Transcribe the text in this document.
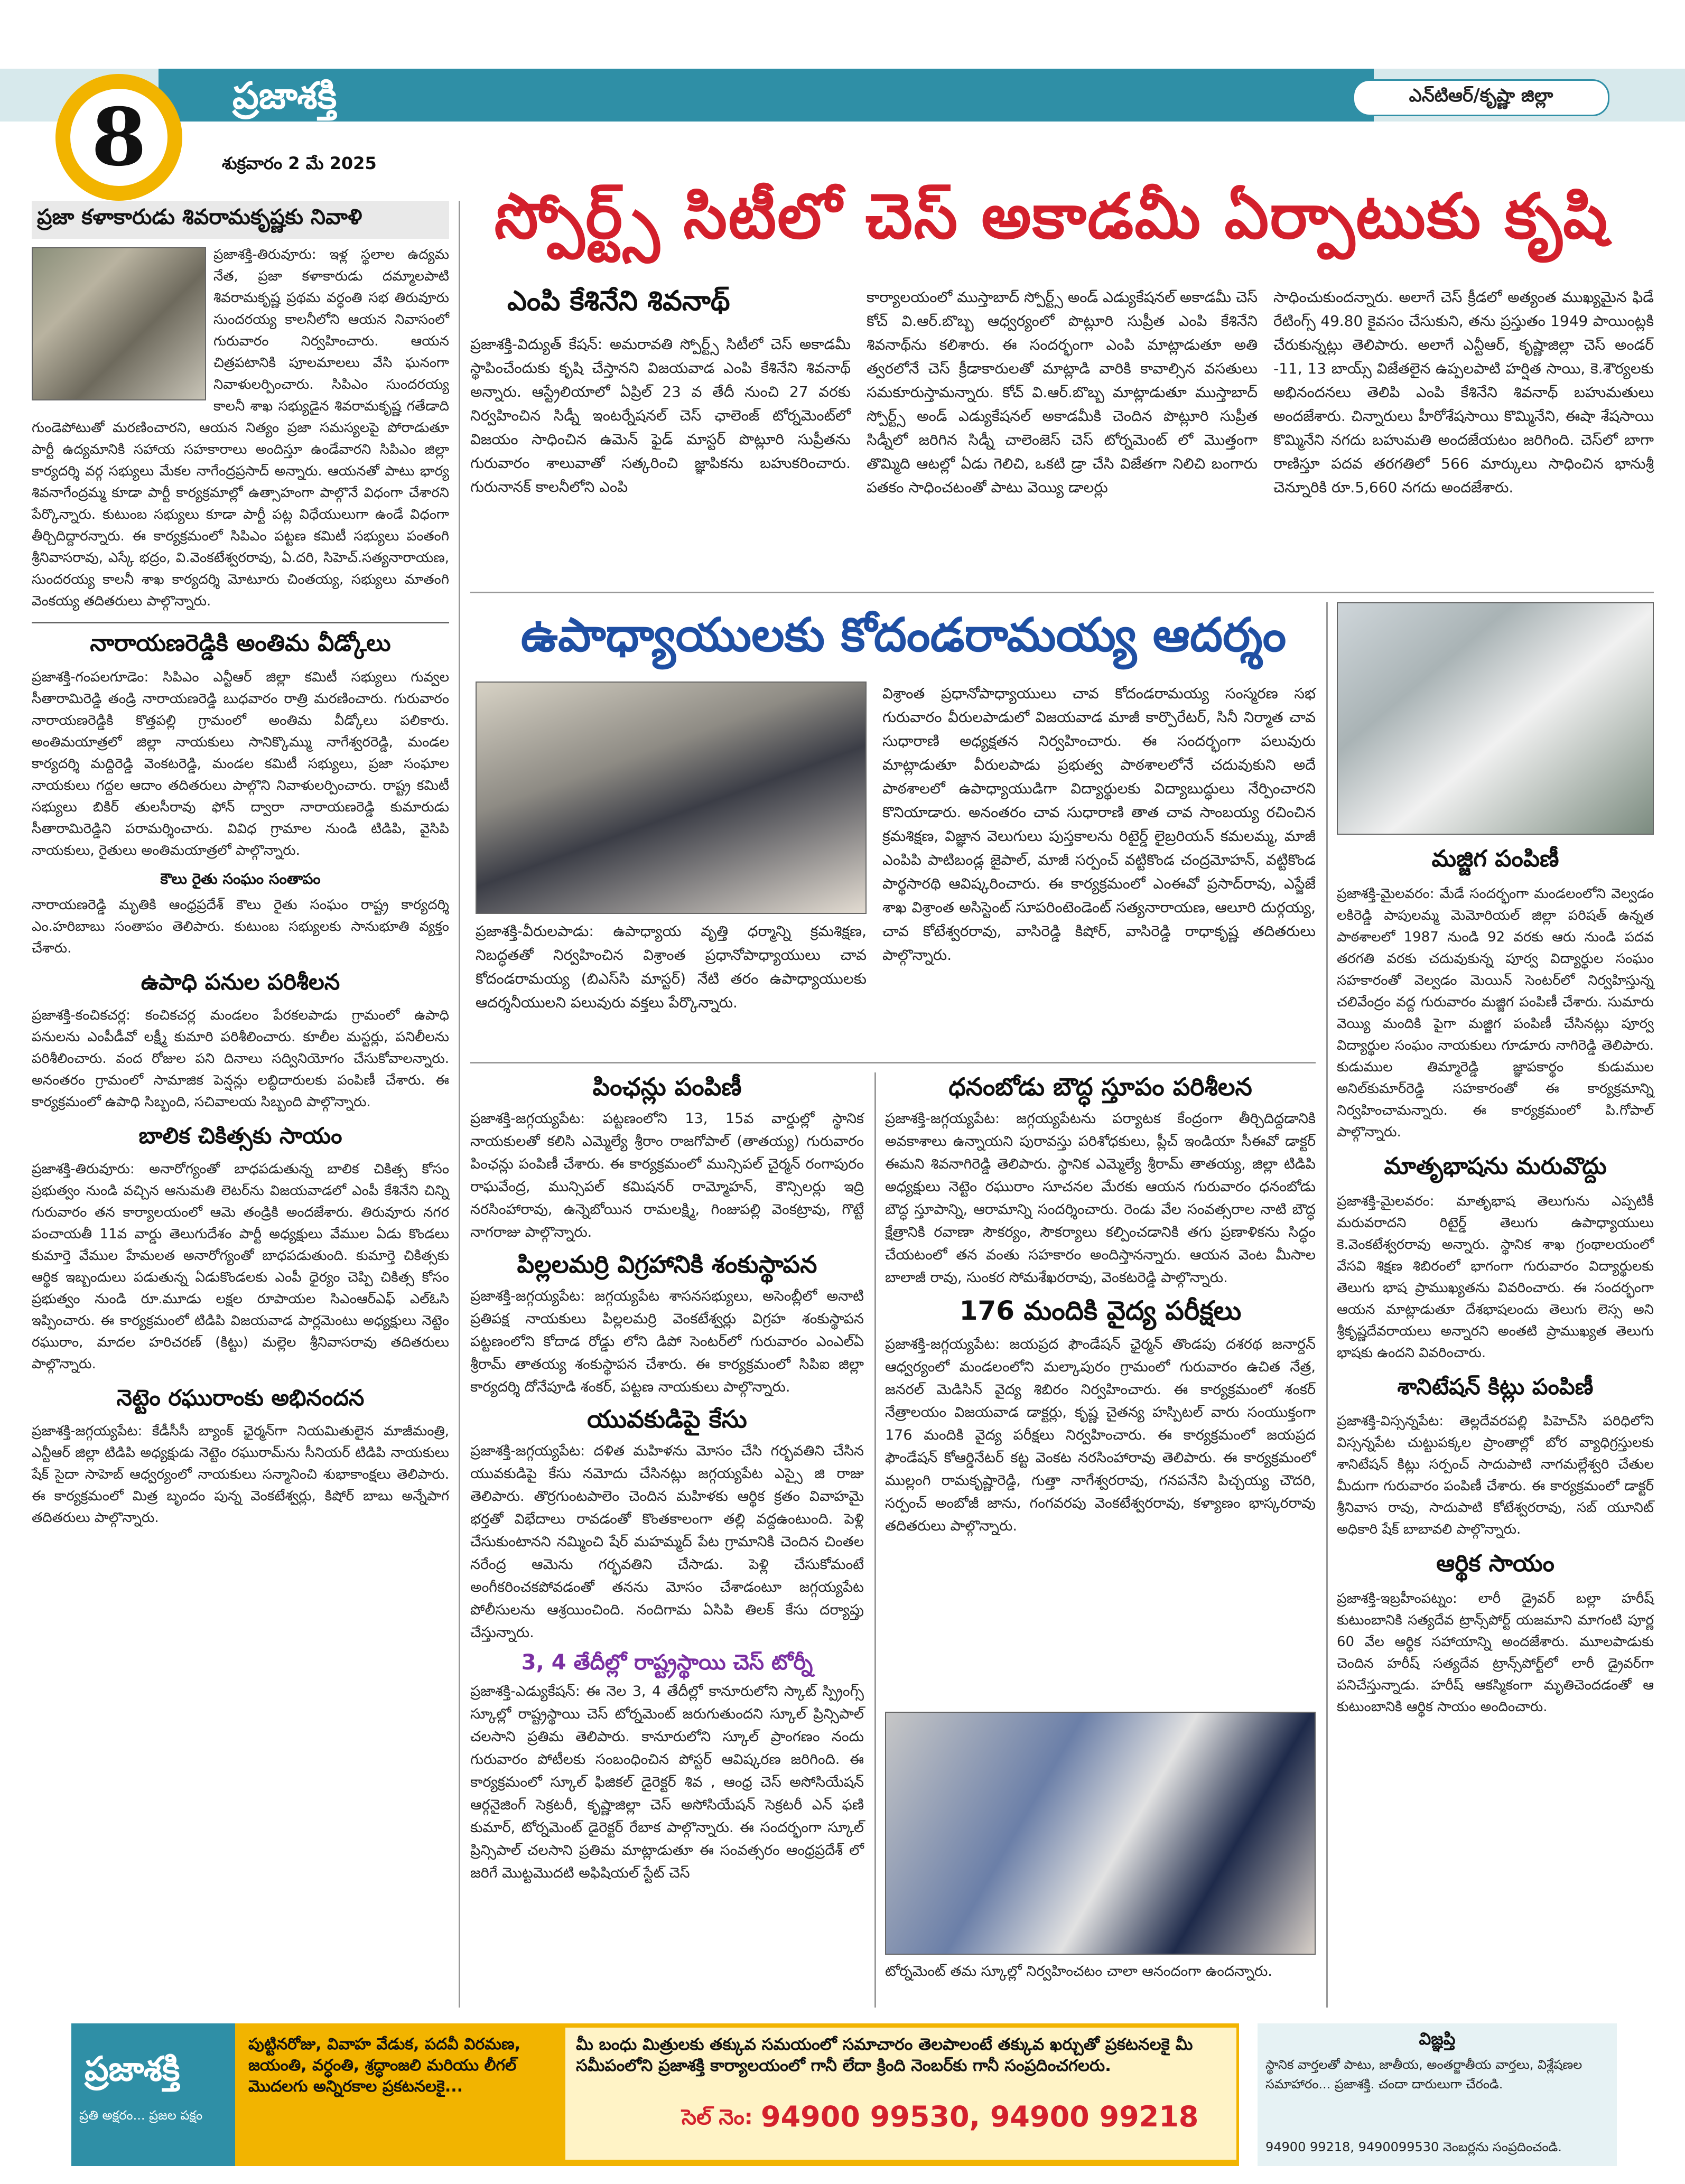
8	ప్రజాశక్తి
శుక్రవారం 2 మే 2025
ఎన్‌టిఆర్/కృష్ణా జిల్లా
స్పోర్ట్స్ సిటీలో చెస్ అకాడమీ ఏర్పాటుకు కృషి
ప్రజా కళాకారుడు శివరామకృష్ణకు నివాళి
ప్రజాశక్తి-తిరువూరు: ఇళ్ల స్థలాల ఉద్యమ నేత, ప్రజా కళాకారుడు దమ్మాలపాటి శివరామకృష్ణ ప్రథమ వర్ధంతి సభ తిరువూరు సుందరయ్య కాలనీలోని ఆయన నివాసంలో గురువారం నిర్వహించారు. ఆయన చిత్రపటానికి పూలమాలలు వేసి ఘనంగా నివాళులర్పించారు. సిపిఎం సుందరయ్య కాలనీ శాఖ సభ్యుడైన శివరామకృష్ణ గతేడాది గుండెపోటుతో మరణించారని, ఆయన నిత్యం ప్రజా సమస్యలపై పోరాడుతూ పార్టీ ఉద్యమానికి సహాయ సహకారాలు అందిస్తూ ఉండేవారని సిపిఎం జిల్లా కార్యదర్శి వర్గ సభ్యులు మేకల నాగేంద్రప్రసాద్‌ అన్నారు. ఆయనతో పాటు భార్య శివనాగేంద్రమ్మ కూడా పార్టీ కార్యక్రమాల్లో ఉత్సాహంగా పాల్గొనే విధంగా చేశారని పేర్కొన్నారు. కుటుంబ సభ్యులు కూడా పార్టీ పట్ల విధేయులుగా ఉండే విధంగా తీర్చిదిద్దారన్నారు. ఈ కార్యక్రమంలో సిపిఎం పట్టణ కమిటీ సభ్యులు పంతంగి శ్రీనివాసరావు, ఎస్కే భద్రం, వి.వెంకటేశ్వరరావు, ఏ.దరి, సిహెచ్‌.సత్యనారాయణ, సుందరయ్య కాలనీ శాఖ కార్యదర్శి మోటూరు చింతయ్య, సభ్యులు మాతంగి వెంకయ్య తదితరులు పాల్గొన్నారు.
నారాయణరెడ్డికి అంతిమ వీడ్కోలు
ప్రజాశక్తి-గంపలగూడెం: సిపిఎం ఎన్టీఆర్‌ జిల్లా కమిటీ సభ్యులు గువ్వల సీతారామిరెడ్డి తండ్రి నారాయణరెడ్డి బుధవారం రాత్రి మరణించారు. గురువారం నారాయణరెడ్డికి కొత్తపల్లి గ్రామంలో అంతిమ వీడ్కోలు పలికారు. అంతిమయాత్రలో జిల్లా నాయకులు సానిక్కొమ్ము నాగేశ్వరరెడ్డి, మండల కార్యదర్శి మద్దిరెడ్డి వెంకటరెడ్డి, మండల కమిటీ సభ్యులు, ప్రజా సంఘాల నాయకులు గద్దల ఆదాం తదితరులు పాల్గొని నివాళులర్పించారు. రాష్ట్ర కమిటీ సభ్యులు బికిర్‌ తులసీరావు ఫోన్‌ ద్వారా నారాయణరెడ్డి కుమారుడు సీతారామిరెడ్డిని పరామర్శించారు. వివిధ గ్రామాల నుండి టిడిపి, వైసిపి నాయకులు, రైతులు అంతిమయాత్రలో పాల్గొన్నారు.
కౌలు రైతు సంఘం సంతాపం
నారాయణరెడ్డి మృతికి ఆంధ్రప్రదేశ్‌ కౌలు రైతు సంఘం రాష్ట్ర కార్యదర్శి ఎం.హరిబాబు సంతాపం తెలిపారు. కుటుంబ సభ్యులకు సానుభూతి వ్యక్తం చేశారు.
ఉపాధి పనుల పరిశీలన
ప్రజాశక్తి-కంచికచర్ల: కంచికచర్ల మండలం పేరకలపాడు గ్రామంలో ఉపాధి పనులను ఎంపీడీవో లక్ష్మీ కుమారి పరిశీలించారు. కూలీల మస్టర్లు, పనిలీలను పరిశీలించారు. వంద రోజుల పని దినాలు సద్వినియోగం చేసుకోవాలన్నారు. అనంతరం గ్రామంలో సామాజిక పెన్షన్లు లబ్ధిదారులకు పంపిణీ చేశారు. ఈ కార్యక్రమంలో ఉపాధి సిబ్బంది, సచివాలయ సిబ్బంది పాల్గొన్నారు.
బాలిక చికిత్సకు సాయం
ప్రజాశక్తి-తిరువూరు: అనారోగ్యంతో బాధపడుతున్న బాలిక చికిత్స కోసం ప్రభుత్వం నుండి వచ్చిన ఆనుమతి లెటర్‌ను విజయవాడలో ఎంపీ కేశినేని చిన్ని గురువారం తన కార్యాలయంలో ఆమె తండ్రికి అందజేశారు. తిరువూరు నగర పంచాయతీ 11వ వార్డు తెలుగుదేశం పార్టీ అధ్యక్షులు వేముల ఏడు కొండలు కుమార్తె వేముల హేమలత అనారోగ్యంతో బాధపడుతుంది. కుమార్తె చికిత్సకు ఆర్థిక ఇబ్బందులు పడుతున్న ఏడుకొండలకు ఎంపీ ధైర్యం చెప్పి చికిత్స కోసం ప్రభుత్వం నుండి రూ.మూడు లక్షల రూపాయల సిఎంఆర్‌ఎఫ్‌ ఎల్‌ఓసి ఇప్పించారు. ఈ కార్యక్రమంలో టిడిపి విజయవాడ పార్లమెంటు అధ్యక్షులు నెట్టెం రఘురాం, మాదల హరిచరణ్‌ (కిట్టు) మల్లెల శ్రీనివాసరావు తదితరులు పాల్గొన్నారు.
నెట్టెం రఘురాంకు అభినందన
ప్రజాశక్తి-జగ్గయ్యపేట: కేడీసీసీ బ్యాంక్‌ ఛైర్మన్‌గా నియమితులైన మాజీమంత్రి, ఎన్టీఆర్‌ జిల్లా టిడిపి అధ్యక్షుడు నెట్టెం రఘురామ్‌ను సీనియర్‌ టిడిపి నాయకులు షేక్‌ సైదా సాహెబ్‌ ఆధ్వర్యంలో నాయకులు సన్మానించి శుభాకాంక్షలు తెలిపారు. ఈ కార్యక్రమంలో మిత్ర బృందం పున్న వెంకటేశ్వర్లు, కిషోర్‌ బాబు అన్నేపాగ తదితరులు పాల్గొన్నారు.
ఎంపి కేశినేని శివనాథ్
ప్రజాశక్తి-విద్యుత్‌ కేషన్‌: అమరావతి స్పోర్ట్స్‌ సిటీలో చెస్‌ అకాడమీ స్థాపించేందుకు కృషి చేస్తానని విజయవాడ ఎంపి కేశినేని శివనాథ్‌ అన్నారు. ఆస్ట్రేలియాలో ఏప్రిల్‌ 23 వ తేదీ నుంచి 27 వరకు నిర్వహించిన సిడ్నీ ఇంటర్నేషనల్‌ చెస్‌ ఛాలెంజ్‌ టోర్నమెంట్‌లో విజయం సాధించిన ఉమెన్‌ ఫైడ్‌ మాస్టర్‌ పొట్లూరి సుప్రీతను గురువారం శాలువాతో సత్కరించి జ్ఞాపికను బహుకరించారు. గురునానక్‌ కాలనీలోని ఎంపి
కార్యాలయంలో ముస్తాబాద్‌ స్పోర్ట్స్‌ అండ్‌ ఎడ్యుకేషనల్‌ అకాడమీ చెస్‌ కోచ్‌ వి.ఆర్‌.బొబ్బ ఆధ్వర్యంలో పొట్లూరి సుప్రీత ఎంపి కేశినేని శివనాథ్‌ను కలిశారు. ఈ సందర్భంగా ఎంపి మాట్లాడుతూ అతి త్వరలోనే చెస్‌ క్రీడాకారులతో మాట్లాడి వారికి కావాల్సిన వసతులు సమకూరుస్తామన్నారు. కోచ్‌ వి.ఆర్‌.బొబ్బ మాట్లాడుతూ ముస్తాబాద్‌ స్పోర్ట్స్‌ అండ్‌ ఎడ్యుకేషనల్‌ అకాడమీకి చెందిన పొట్లూరి సుప్రీత సిడ్నీలో జరిగిన సిడ్నీ చాలెంజెస్‌ చెస్‌ టోర్నమెంట్‌ లో మొత్తంగా తొమ్మిది ఆటల్లో ఏడు గెలిచి, ఒకటి డ్రా చేసి విజేతగా నిలిచి బంగారు పతకం సాధించటంతో పాటు వెయ్యి డాలర్లు
సాధించుకుందన్నారు. అలాగే చెస్‌ క్రీడలో అత్యంత ముఖ్యమైన ఫిడే రేటింగ్స్‌ 49.80 కైవసం చేసుకుని, తను ప్రస్తుతం 1949 పాయింట్లకి చేరుకున్నట్లు తెలిపారు. అలాగే ఎన్టీఆర్‌, కృష్ణాజిల్లా చెస్‌ అండర్‌ -11, 13 బాయ్స్‌ విజేతలైన ఉప్పలపాటి హర్షిత సాయి, కె.శౌర్యలకు అభినందనలు తెలిపి ఎంపి కేశినేని శివనాథ్‌ బహుమతులు అందజేశారు. చిన్నారులు హీరోశేషసాయి కొమ్మినేని, ఈషా శేషసాయి కొమ్మినేని నగదు బహుమతి అందజేయటం జరిగింది. చెస్‌లో బాగా రాణిస్తూ పదవ తరగతిలో 566 మార్కులు సాధించిన భానుశ్రీ చెన్నూరికి రూ.5,660 నగదు అందజేశారు.
ఉపాధ్యాయులకు కోదండరామయ్య ఆదర్శం
ప్రజాశక్తి-వీరులపాడు: ఉపాధ్యాయ వృత్తి ధర్మాన్ని క్రమశిక్షణ, నిబద్ధతతో నిర్వహించిన విశ్రాంత ప్రధానోపాధ్యాయులు చావ కోదండరామయ్య (బిఎస్‌సి మాస్టర్‌) నేటి తరం ఉపాధ్యాయులకు ఆదర్శనీయులని పలువురు వక్తలు పేర్కొన్నారు.
విశ్రాంత ప్రధానోపాధ్యాయులు చావ కోదండరామయ్య సంస్మరణ సభ గురువారం వీరులపాడులో విజయవాడ మాజీ కార్పొరేటర్‌, సినీ నిర్మాత చావ సుధారాణి అధ్యక్షతన నిర్వహించారు. ఈ సందర్భంగా పలువురు మాట్లాడుతూ వీరులపాడు ప్రభుత్వ పాఠశాలలోనే చదువుకుని అదే పాఠశాలలో ఉపాధ్యాయుడిగా విద్యార్థులకు విద్యాబుద్ధులు నేర్పించారని కొనియాడారు. అనంతరం చావ సుధారాణి తాత చావ సాంబయ్య రచించిన క్రమశిక్షణ, విజ్ఞాన వెలుగులు పుస్తకాలను రిటైర్డ్‌ లైబ్రరియన్‌ కమలమ్మ, మాజీ ఎంపిపి పాటిబండ్ల జైపాల్‌, మాజీ సర్పంచ్‌ వట్టికొండ చంద్రమోహన్‌, వట్టికొండ పార్థసారథి ఆవిష్కరించారు. ఈ కార్యక్రమంలో ఎంఈవో ప్రసాద్‌రావు, ఎస్జేజే శాఖ విశ్రాంత అసిస్టెంట్‌ సూపరింటెండెంట్‌ సత్యనారాయణ, ఆలూరి దుర్గయ్య, చావ కోటేశ్వరరావు, వాసిరెడ్డి కిషోర్‌, వాసిరెడ్డి రాధాకృష్ణ తదితరులు పాల్గొన్నారు.
మజ్జిగ పంపిణీ
ప్రజాశక్తి-మైలవరం: మేడే సందర్భంగా మండలంలోని వెల్వడం లకిరెడ్డి పాపులమ్మ మెమోరియల్‌ జిల్లా పరిషత్‌ ఉన్నత పాఠశాలలో 1987 నుండి 92 వరకు ఆరు నుండి పదవ తరగతి వరకు చదువుకున్న పూర్వ విద్యార్థుల సంఘం సహకారంతో వెల్వడం మెయిన్‌ సెంటర్‌లో నిర్వహిస్తున్న చలివేంద్రం వద్ద గురువారం మజ్జిగ పంపిణీ చేశారు. సుమారు వెయ్యి మందికి పైగా మజ్జిగ పంపిణీ చేసినట్లు పూర్వ విద్యార్థుల సంఘం నాయకులు గూడూరు నాగిరెడ్డి తెలిపారు. కుడుముల తిమ్మారెడ్డి జ్ఞాపకార్థం కుడుముల అనిల్‌కుమార్‌రెడ్డి సహకారంతో ఈ కార్యక్రమాన్ని నిర్వహించామన్నారు. ఈ కార్యక్రమంలో పి.గోపాల్‌ పాల్గొన్నారు.
మాతృభాషను మరువొద్దు
ప్రజాశక్తి-మైలవరం: మాతృభాష తెలుగును ఎప్పటికీ మరువరాదని రిటైర్డ్‌ తెలుగు ఉపాధ్యాయులు కె.వెంకటేశ్వరరావు అన్నారు. స్థానిక శాఖ గ్రంథాలయంలో వేసవి శిక్షణ శిబిరంలో భాగంగా గురువారం విద్యార్థులకు తెలుగు భాష ప్రాముఖ్యతను వివరించారు. ఈ సందర్భంగా ఆయన మాట్లాడుతూ దేశభాషలందు తెలుగు లెస్స అని శ్రీకృష్ణదేవరాయలు అన్నారని అంతటి ప్రాముఖ్యత తెలుగు భాషకు ఉందని వివరించారు.
శానిటేషన్ కిట్లు పంపిణీ
ప్రజాశక్తి-విస్సన్నపేట: తెల్లదేవరపల్లి పిహెచ్‌సి పరిధిలోని విస్సన్నపేట చుట్టుపక్కల ప్రాంతాల్లో బోర వ్యాధిగ్రస్తులకు శానిటేషన్‌ కిట్లు సర్పంచ్‌ సాదుపాటి నాగమల్లేశ్వరి చేతుల మీదుగా గురువారం పంపిణీ చేశారు. ఈ కార్యక్రమంలో డాక్టర్‌ శ్రీనివాస రావు, సాదుపాటి కోటేశ్వరరావు, సబ్‌ యూనిట్‌ అధికారి షేక్‌ బాబావలి పాల్గొన్నారు.
ఆర్థిక సాయం
ప్రజాశక్తి-ఇబ్రహీంపట్నం: లారీ డ్రైవర్‌ బల్లా హరీష్‌ కుటుంబానికి సత్యదేవ ట్రాన్స్‌పోర్ట్‌ యజమాని మాగంటి పూర్ణ 60 వేల ఆర్థిక సహాయాన్ని అందజేశారు. మూలపాడుకు చెందిన హరీష్‌ సత్యదేవ ట్రాన్స్‌పోర్ట్‌లో లారీ డ్రైవర్‌గా పనిచేస్తున్నాడు. హరీష్‌ ఆకస్మికంగా మృతిచెందడంతో ఆ కుటుంబానికి ఆర్థిక సాయం అందించారు.
పింఛన్లు పంపిణీ
ప్రజాశక్తి-జగ్గయ్యపేట: పట్టణంలోని 13, 15వ వార్డుల్లో స్థానిక నాయకులతో కలిసి ఎమ్మెల్యే శ్రీరాం రాజగోపాల్‌ (తాతయ్య) గురువారం పింఛన్లు పంపిణీ చేశారు. ఈ కార్యక్రమంలో మున్సిపల్‌ చైర్మన్‌ రంగాపురం రాఘవేంద్ర, మున్సిపల్‌ కమిషనర్‌ రామ్మోహన్‌, కౌన్సిలర్లు ఇద్రి నరసింహారావు, ఉన్నెబోయిన రామలక్ష్మి, గింజుపల్లి వెంకట్రావు, గొట్టే నాగరాజు పాల్గొన్నారు.
పిల్లలమర్రి విగ్రహానికి శంకుస్థాపన
ప్రజాశక్తి-జగ్గయ్యపేట: జగ్గయ్యపేట శాసనసభ్యులు, అసెంబ్లీలో అనాటి ప్రతిపక్ష నాయకులు పిల్లలమర్రి వెంకటేశ్వర్లు విగ్రహ శంకుస్థాపన పట్టణంలోని కోదాడ రోడ్డు లోని డిపో సెంటర్‌లో గురువారం ఎంఎల్‌ఏ శ్రీరామ్‌ తాతయ్య శంకుస్థాపన చేశారు. ఈ కార్యక్రమంలో సిపిఐ జిల్లా కార్యదర్శి దోనేపూడి శంకర్‌, పట్టణ నాయకులు పాల్గొన్నారు.
యువకుడిపై కేసు
ప్రజాశక్తి-జగ్గయ్యపేట: దళిత మహిళను మోసం చేసి గర్భవతిని చేసిన యువకుడిపై కేసు నమోదు చేసినట్లు జగ్గయ్యపేట ఎస్సై జి రాజు తెలిపారు. తొర్రగుంటపాలెం చెందిన మహిళకు ఆర్థిక క్రతం వివాహమై భర్తతో విభేదాలు రావడంతో కొంతకాలంగా తల్లి వద్దఉంటుంది. పెళ్లి చేసుకుంటానని నమ్మించి షేర్‌ మహమ్మద్‌ పేట గ్రామానికి చెందిన చింతల నరేంద్ర ఆమెను గర్భవతిని చేసాడు. పెళ్లి చేసుకోమంటే అంగీకరించకపోవడంతో తనను మోసం చేశాడంటూ జగ్గయ్యపేట పోలీసులను ఆశ్రయించింది. నందిగామ ఏసిపి తిలక్‌ కేసు దర్యాప్తు చేస్తున్నారు.
3, 4 తేదీల్లో రాష్ట్రస్థాయి చెస్ టోర్నీ
ప్రజాశక్తి-ఎడ్యుకేషన్‌: ఈ నెల 3, 4 తేదీల్లో కానూరులోని స్కాట్‌ స్ప్రింగ్స్‌ స్కూల్లో రాష్ట్రస్థాయి చెస్‌ టోర్నమెంట్‌ జరుగుతుందని స్కూల్‌ ప్రిన్సిపాల్‌ చలసాని ప్రతిమ తెలిపారు. కానూరులోని స్కూల్‌ ప్రాంగణం నందు గురువారం పోటీలకు సంబంధించిన పోస్టర్‌ ఆవిష్కరణ జరిగింది. ఈ కార్యక్రమంలో స్కూల్‌ ఫిజికల్‌ డైరెక్టర్‌ శివ , ఆంధ్ర చెస్‌ అసోసియేషన్‌ ఆర్గనైజింగ్‌ సెక్రటరీ, కృష్ణాజిల్లా చెస్‌ అసోసియేషన్‌ సెక్రటరీ ఎన్‌ ఫణి కుమార్‌, టోర్నమెంట్‌ డైరెక్టర్‌ రేబాక పాల్గొన్నారు. ఈ సందర్భంగా స్కూల్‌ ప్రిన్సిపాల్‌ చలసాని ప్రతిమ మాట్లాడుతూ ఈ సంవత్సరం ఆంధ్రప్రదేశ్‌ లో జరిగే మొట్టమొదటి అఫిషియల్‌ స్టేట్‌ చెస్‌
ధనంబోడు బౌద్ధ స్తూపం పరిశీలన
ప్రజాశక్తి-జగ్గయ్యపేట: జగ్గయ్యపేటను పర్యాటక కేంద్రంగా తీర్చిదిద్దడానికి అవకాశాలు ఉన్నాయని పురావస్తు పరిశోధకులు, ప్లీచ్‌ ఇండియా సీఈవో డాక్టర్‌ ఈమని శివనాగిరెడ్డి తెలిపారు. స్థానిక ఎమ్మెల్యే శ్రీరామ్‌ తాతయ్య, జిల్లా టిడిపి అధ్యక్షులు నెట్టెం రఘురాం సూచనల మేరకు ఆయన గురువారం ధనంబోడు బౌద్ధ స్తూపాన్ని, ఆరామాన్ని సందర్శించారు. రెండు వేల సంవత్సరాల నాటి బౌద్ధ క్షేత్రానికి రవాణా సౌకర్యం, సౌకర్యాలు కల్పించడానికి తగు ప్రణాళికను సిద్ధం చేయటంలో తన వంతు సహకారం అందిస్తానన్నారు. ఆయన వెంట మీసాల బాలాజీ రావు, సుంకర సోమశేఖరరావు, వెంకటరెడ్డి పాల్గొన్నారు.
176 మందికి వైద్య పరీక్షలు
ప్రజాశక్తి-జగ్గయ్యపేట: జయప్రద ఫౌండేషన్‌ ఛైర్మన్‌ తొండపు దశరథ జనార్దన్‌ ఆధ్వర్యంలో మండలంలోని మల్కాపురం గ్రామంలో గురువారం ఉచిత నేత్ర, జనరల్‌ మెడిసిన్‌ వైద్య శిబిరం నిర్వహించారు. ఈ కార్యక్రమంలో శంకర్‌ నేత్రాలయం విజయవాడ డాక్టర్లు, కృష్ణ చైతన్య హస్పిటల్‌ వారు సంయుక్తంగా 176 మందికి వైద్య పరీక్షలు నిర్వహించారు. ఈ కార్యక్రమంలో జయప్రద ఫౌండేషన్‌ కోఆర్డినేటర్‌ కట్ట వెంకట నరసింహారావు తెలిపారు. ఈ కార్యక్రమంలో ముల్లంగి రామకృష్ణారెడ్డి, గుత్తా నాగేశ్వరరావు, గనపనేని పిచ్చయ్య చౌదరి, సర్పంచ్‌ అంబోజీ జాను, గంగవరపు వెంకటేశ్వరరావు, కళ్యాణం భాస్కరరావు తదితరులు పాల్గొన్నారు.
టోర్నమెంట్‌ తమ స్కూల్లో నిర్వహించటం చాలా ఆనందంగా ఉందన్నారు.
ప్రజాశక్తి
ప్రతి అక్షరం... ప్రజల పక్షం
పుట్టినరోజు, వివాహ వేడుక, పదవీ విరమణ, జయంతి, వర్ధంతి, శ్రద్ధాంజలి మరియు లీగల్‌ మొదలగు అన్నిరకాల ప్రకటనలకై...
మీ బంధు మిత్రులకు తక్కువ సమయంలో సమాచారం తెలపాలంటే తక్కువ ఖర్చుతో ప్రకటనలకై మీ సమీపంలోని ప్రజాశక్తి కార్యాలయంలో గానీ లేదా క్రింది నెంబర్‌కు గానీ సంప్రదించగలరు.
సెల్‌ నెం: 94900 99530, 94900 99218
విజ్ఞప్తి
స్థానిక వార్తలతో పాటు, జాతీయ, అంతర్జాతీయ వార్తలు, విశ్లేషణల సమాహారం... ప్రజాశక్తి. చందా దారులుగా చేరండి.
94900 99218, 9490099530 నెంబర్లను సంప్రదించండి.
